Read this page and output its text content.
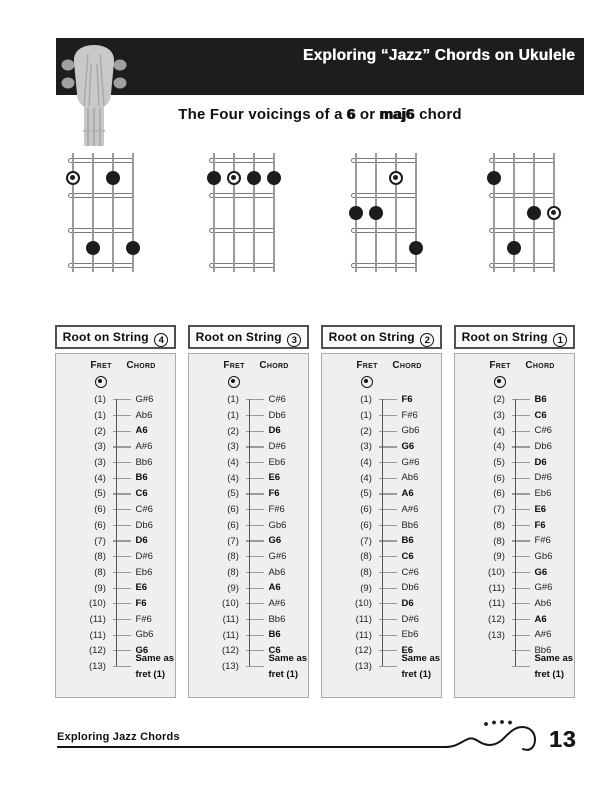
Exploring “Jazz” Chords on Ukulele
The Four voicings of a 6 or maj6 chord
Root on String 4
Fret	Chord
(1)	G#6
(1)	Ab6
(2)	A6
(3)	A#6
(3)	Bb6
(4)	B6
(5)	C6
(6)	C#6
(6)	Db6
(7)	D6
(8)	D#6
(8)	Eb6
(9)	E6
(10)	F6
(11)	F#6
(11)	Gb6
(12)	G6
(13)
Same as fret (1)
Root on String 3
Fret	Chord
(1)	C#6
(1)	Db6
(2)	D6
(3)	D#6
(4)	Eb6
(4)	E6
(5)	F6
(6)	F#6
(6)	Gb6
(7)	G6
(8)	G#6
(8)	Ab6
(9)	A6
(10)	A#6
(11)	Bb6
(11)	B6
(12)	C6
(13)
Same as fret (1)
Root on String 2
Fret	Chord
(1)	F6
(1)	F#6
(2)	Gb6
(3)	G6
(4)	G#6
(4)	Ab6
(5)	A6
(6)	A#6
(6)	Bb6
(7)	B6
(8)	C6
(8)	C#6
(9)	Db6
(10)	D6
(11)	D#6
(11)	Eb6
(12)	E6
(13)
Same as fret (1)
Root on String 1
Fret	Chord
(2)	B6
(3)	C6
(4)	C#6
(4)	Db6
(5)	D6
(6)	D#6
(6)	Eb6
(7)	E6
(8)	F6
(8)	F#6
(9)	Gb6
(10)	G6
(11)	G#6
(11)	Ab6
(12)	A6
(13)	A#6
Bb6
Same as fret (1)
Exploring Jazz Chords	13
